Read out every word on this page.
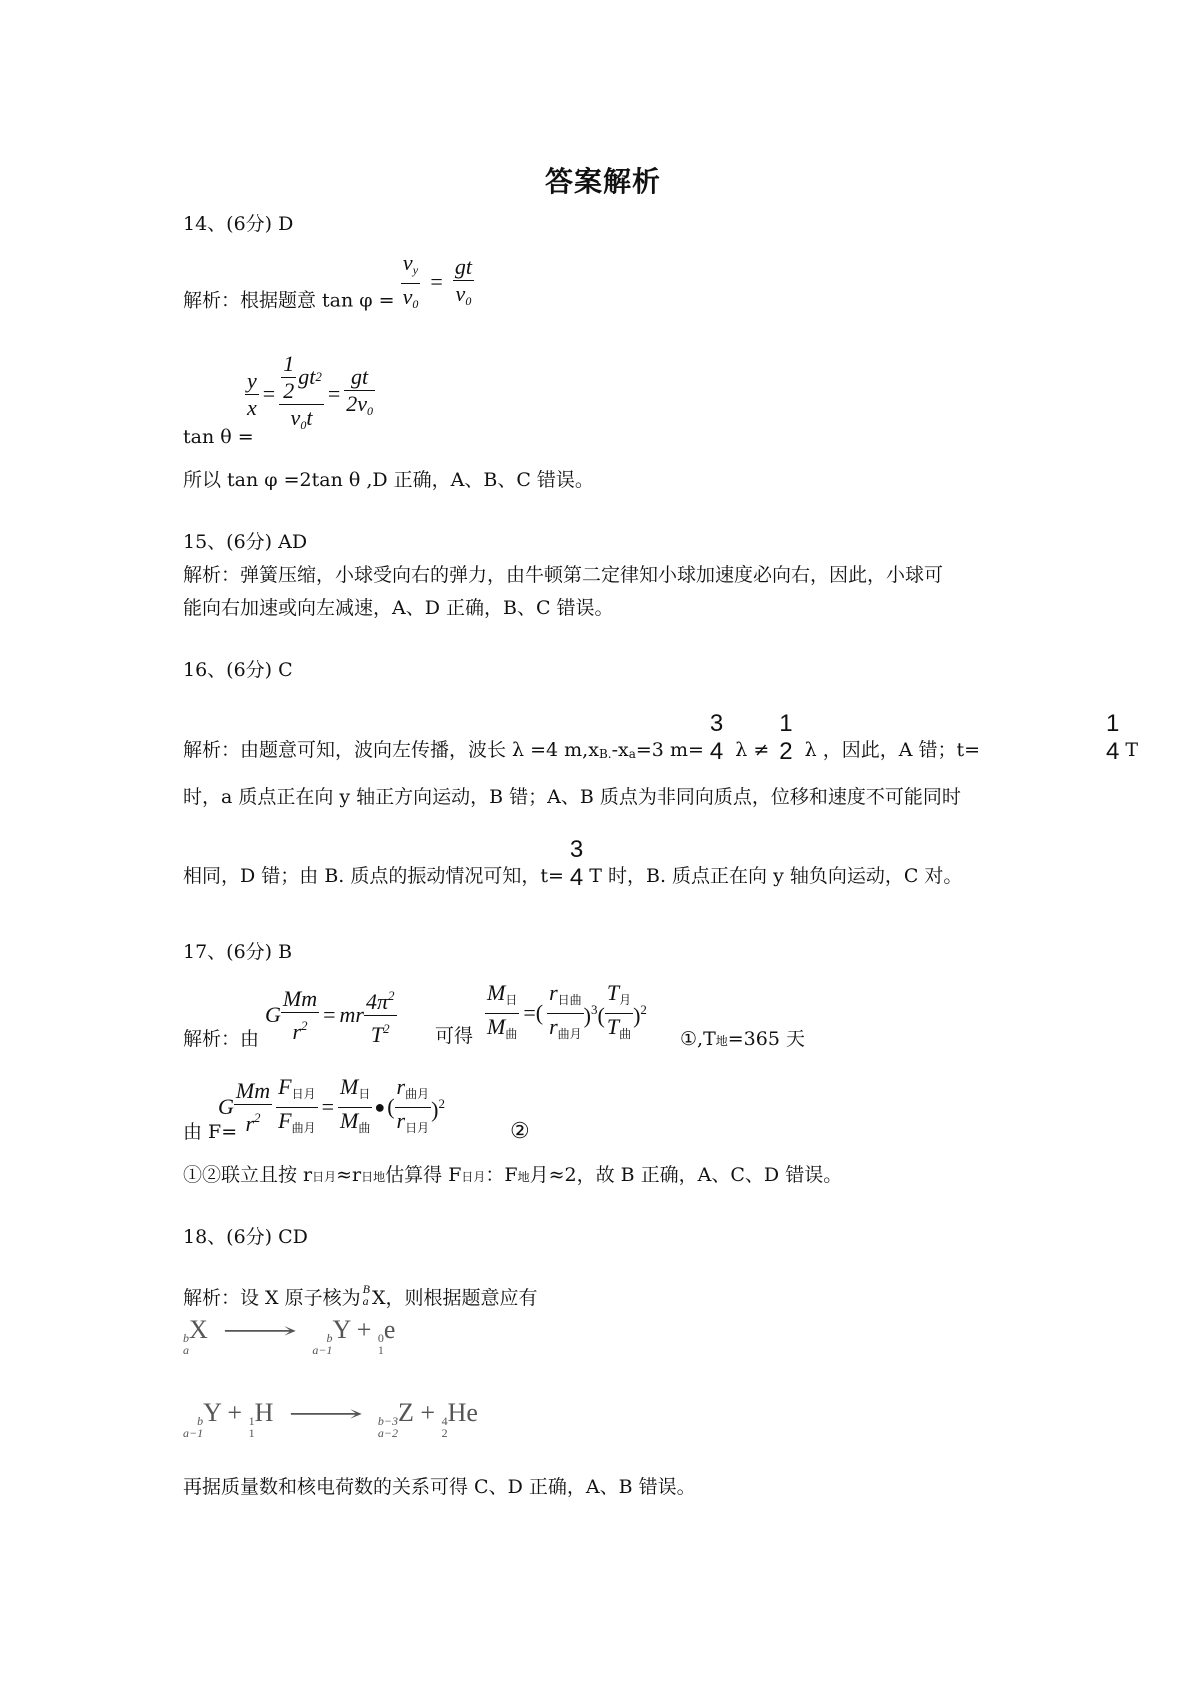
答案解析
14、(6分) D
解析：根据题意 $\tan \varphi = \frac{v_y}{v_0} = \frac{gt}{v_0}$
tan θ =
$\frac{y}{x} = \frac{\frac{1}{2} gt 2}{v_0t} = \frac{gt}{2v_0}$
所以 tan φ =2tan θ ,D 正确，A、B、C 错误。
15、(6分) AD
解析：弹簧压缩，小球受向右的弹力，由牛顿第二定律知小球加速度必向右，因此，小球可
能向右加速或向左减速，A、D 正确，B、C 错误。
16、(6分) C
解析：由题意可知，波向左传播，波长 λ =4 m,x B. -x a =3 m=
3
4 λ ≠
1
2 λ ，因此，A 错；t=
1
4 T
时，a 质点正在向 y 轴正方向运动，B 错；A、B 质点为非同向质点，位移和速度不可能同时
相同，D 错；由 B. 质点的振动情况可知，t=
3
4 T 时，B. 质点正在向 y 轴负向运动，C 对。
17、(6分) B
解析：由
G $\frac{Mm}{r^2}$ = mr $\frac{4\pi^2}{T^2}$ 可得 $\frac{M_日}{M_曲}$ =( $\frac{r_{日曲}}{r_{曲月}} )^3( \frac{T_月}{T_曲} )^2$
①,T地=365 天
由 F=
G $\frac{Mm}{r^2} \frac{F_{日月}}{F_{曲月}} = \frac{M_日}{M_曲}$ ● ( $\frac{r_{曲月}}{r_{日月}} )^2$
②
①②联立且按 r日月≈r日地估算得 F日月：F地月≈2，故 B 正确，A、C、D 错误。
18、(6分) CD
解析：设 X 原子核为 B
a X，则根据题意应有
b
a
X ⟶	b
a−1
Y + 0
1
e
b
a−1
Y + 1
1
H ⟶ b−3
a−2
Z + 4
2
He
再据质量数和核电荷数的关系可得 C、D 正确，A、B 错误。
